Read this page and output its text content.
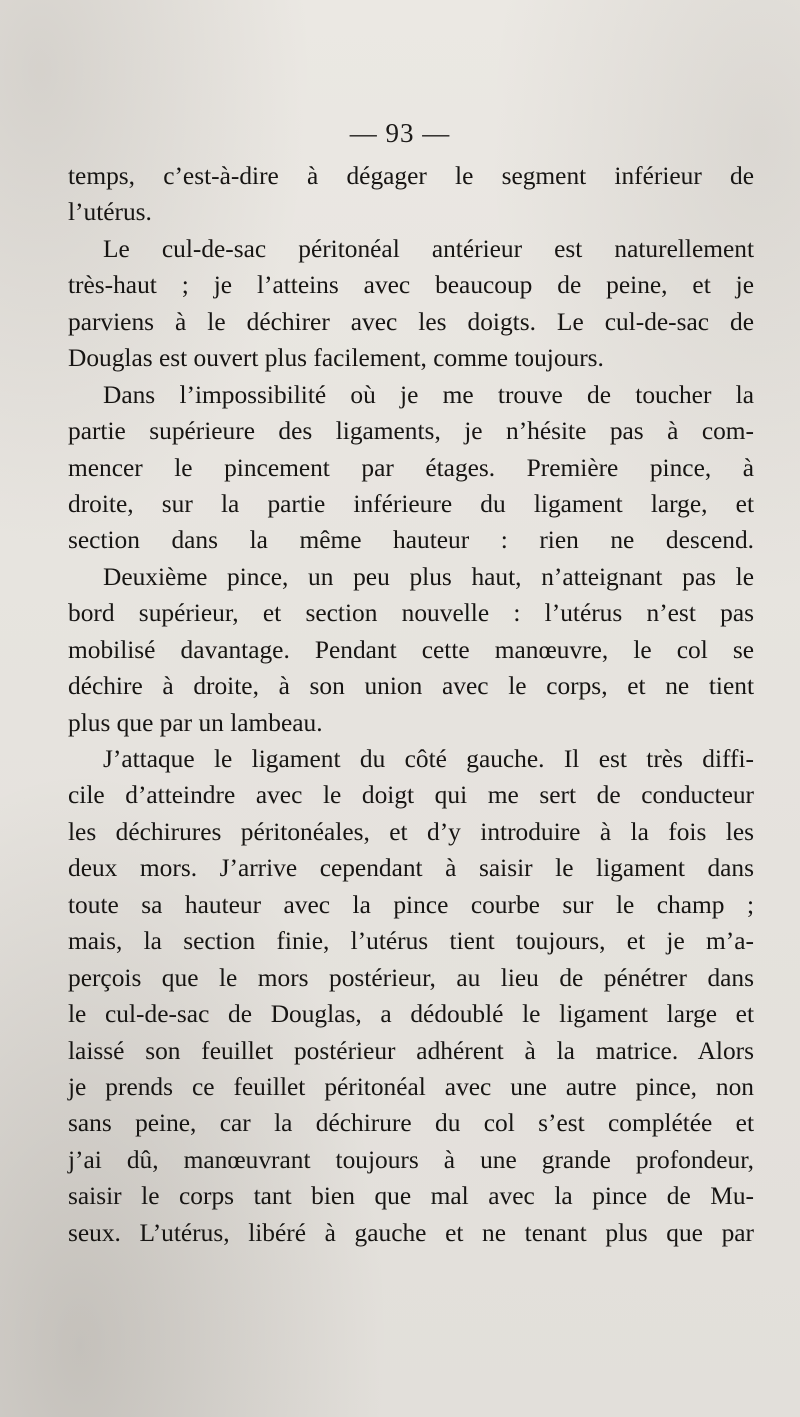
— 93 —
temps, c’est-à-dire à dégager le segment inférieur de
l’utérus.
Le cul-de-sac péritonéal antérieur est naturellement
très-haut ; je l’atteins avec beaucoup de peine, et je
parviens à le déchirer avec les doigts. Le cul-de-sac de
Douglas est ouvert plus facilement, comme toujours.
Dans l’impossibilité où je me trouve de toucher la
partie supérieure des ligaments, je n’hésite pas à com-
mencer le pincement par étages. Première pince, à
droite, sur la partie inférieure du ligament large, et
section dans la même hauteur : rien ne descend.
Deuxième pince, un peu plus haut, n’atteignant pas le
bord supérieur, et section nouvelle : l’utérus n’est pas
mobilisé davantage. Pendant cette manœuvre, le col se
déchire à droite, à son union avec le corps, et ne tient
plus que par un lambeau.
J’attaque le ligament du côté gauche. Il est très diffi-
cile d’atteindre avec le doigt qui me sert de conducteur
les déchirures péritonéales, et d’y introduire à la fois les
deux mors. J’arrive cependant à saisir le ligament dans
toute sa hauteur avec la pince courbe sur le champ ;
mais, la section finie, l’utérus tient toujours, et je m’a-
perçois que le mors postérieur, au lieu de pénétrer dans
le cul-de-sac de Douglas, a dédoublé le ligament large et
laissé son feuillet postérieur adhérent à la matrice. Alors
je prends ce feuillet péritonéal avec une autre pince, non
sans peine, car la déchirure du col s’est complétée et
j’ai dû, manœuvrant toujours à une grande profondeur,
saisir le corps tant bien que mal avec la pince de Mu-
seux. L’utérus, libéré à gauche et ne tenant plus que par
